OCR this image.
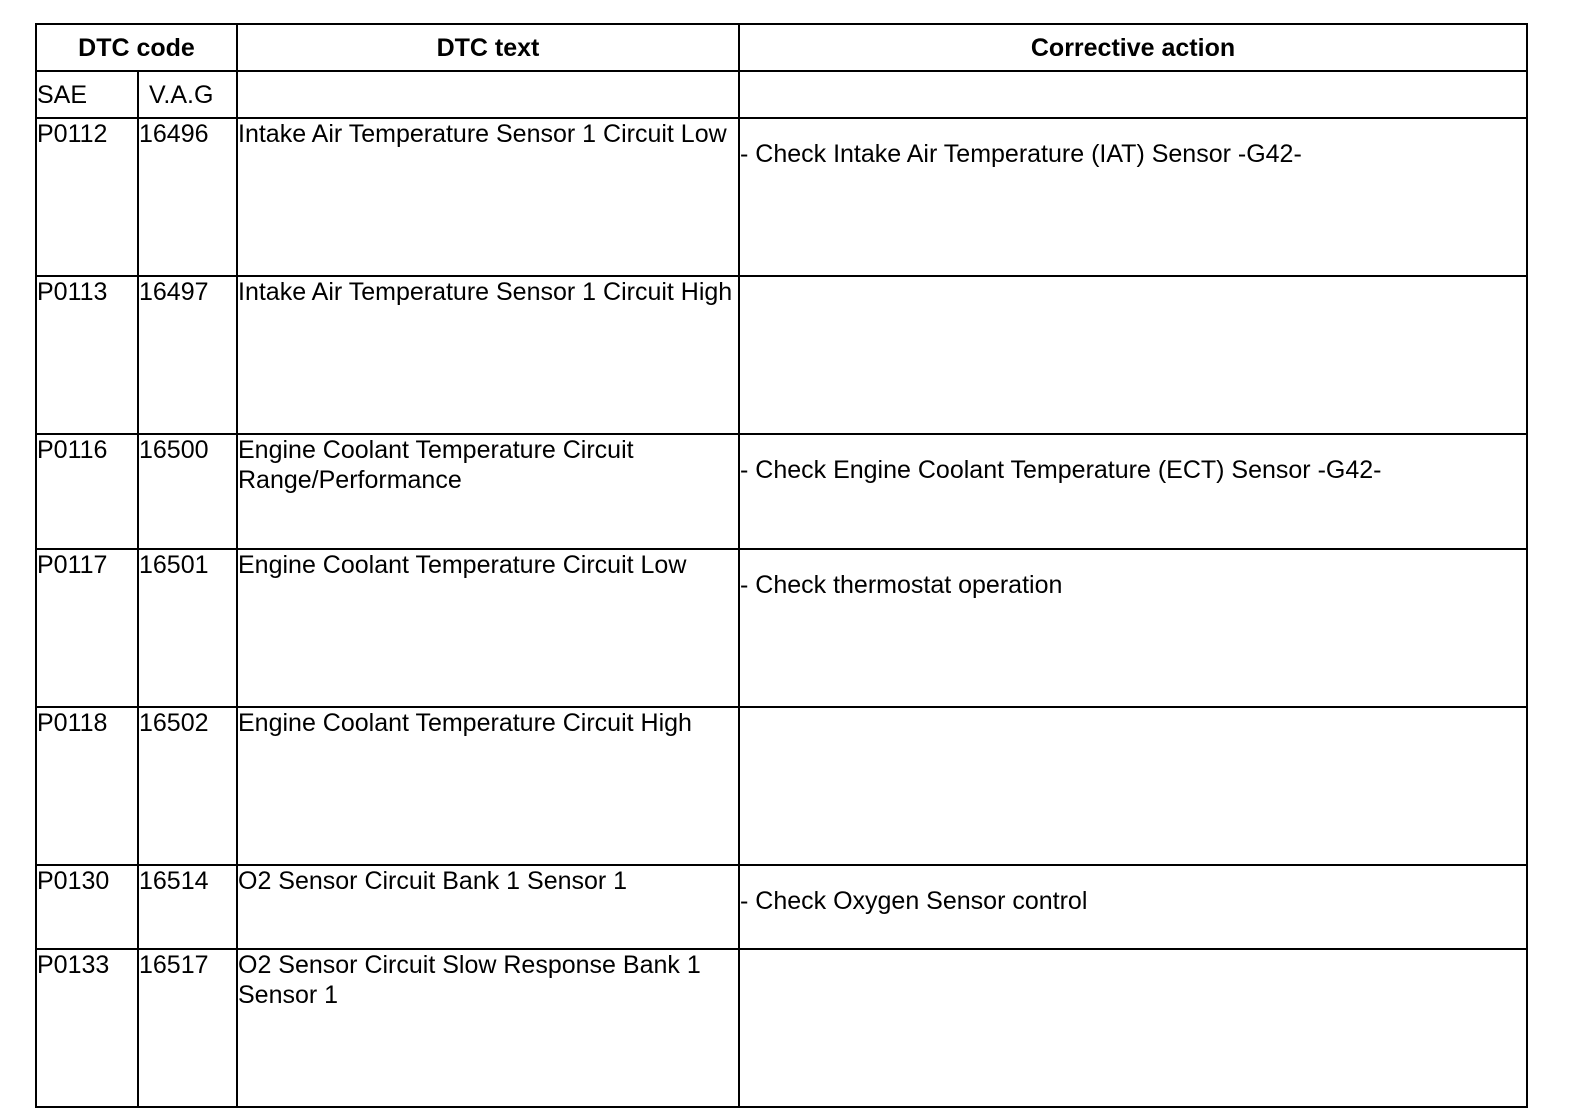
DTC code		DTC text	Corrective action
SAE	V.A.G		
P0112	16496	Intake Air Temperature Sensor 1 Circuit Low	- Check Intake Air Temperature (IAT) Sensor -G42-
P0113	16497	Intake Air Temperature Sensor 1 Circuit High	
P0116	16500	Engine Coolant Temperature Circuit Range/Performance	- Check Engine Coolant Temperature (ECT) Sensor -G42-
P0117	16501	Engine Coolant Temperature Circuit Low	- Check thermostat operation
P0118	16502	Engine Coolant Temperature Circuit High	
P0130	16514	O2 Sensor Circuit Bank 1 Sensor 1	- Check Oxygen Sensor control
P0133	16517	O2 Sensor Circuit Slow Response Bank 1 Sensor 1	
